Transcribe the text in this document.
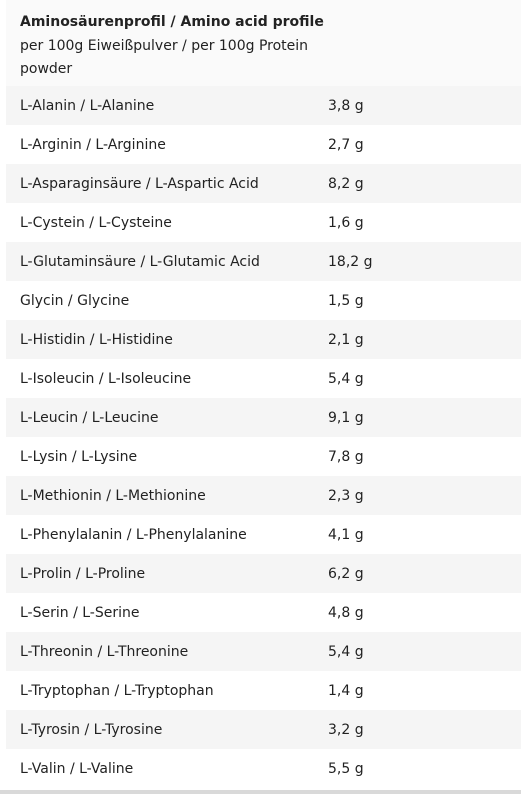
Aminosäurenprofil / Amino acid profile
per 100g Eiweißpulver / per 100g Protein powder
L-Alanin / L-Alanine	3,8 g
L-Arginin / L-Arginine	2,7 g
L-Asparaginsäure / L-Aspartic Acid	8,2 g
L-Cystein / L-Cysteine	1,6 g
L-Glutaminsäure / L-Glutamic Acid	18,2 g
Glycin / Glycine	1,5 g
L-Histidin / L-Histidine	2,1 g
L-Isoleucin / L-Isoleucine	5,4 g
L-Leucin / L-Leucine	9,1 g
L-Lysin / L-Lysine	7,8 g
L-Methionin / L-Methionine	2,3 g
L-Phenylalanin / L-Phenylalanine	4,1 g
L-Prolin / L-Proline	6,2 g
L-Serin / L-Serine	4,8 g
L-Threonin / L-Threonine	5,4 g
L-Tryptophan / L-Tryptophan	1,4 g
L-Tyrosin / L-Tyrosine	3,2 g
L-Valin / L-Valine	5,5 g
